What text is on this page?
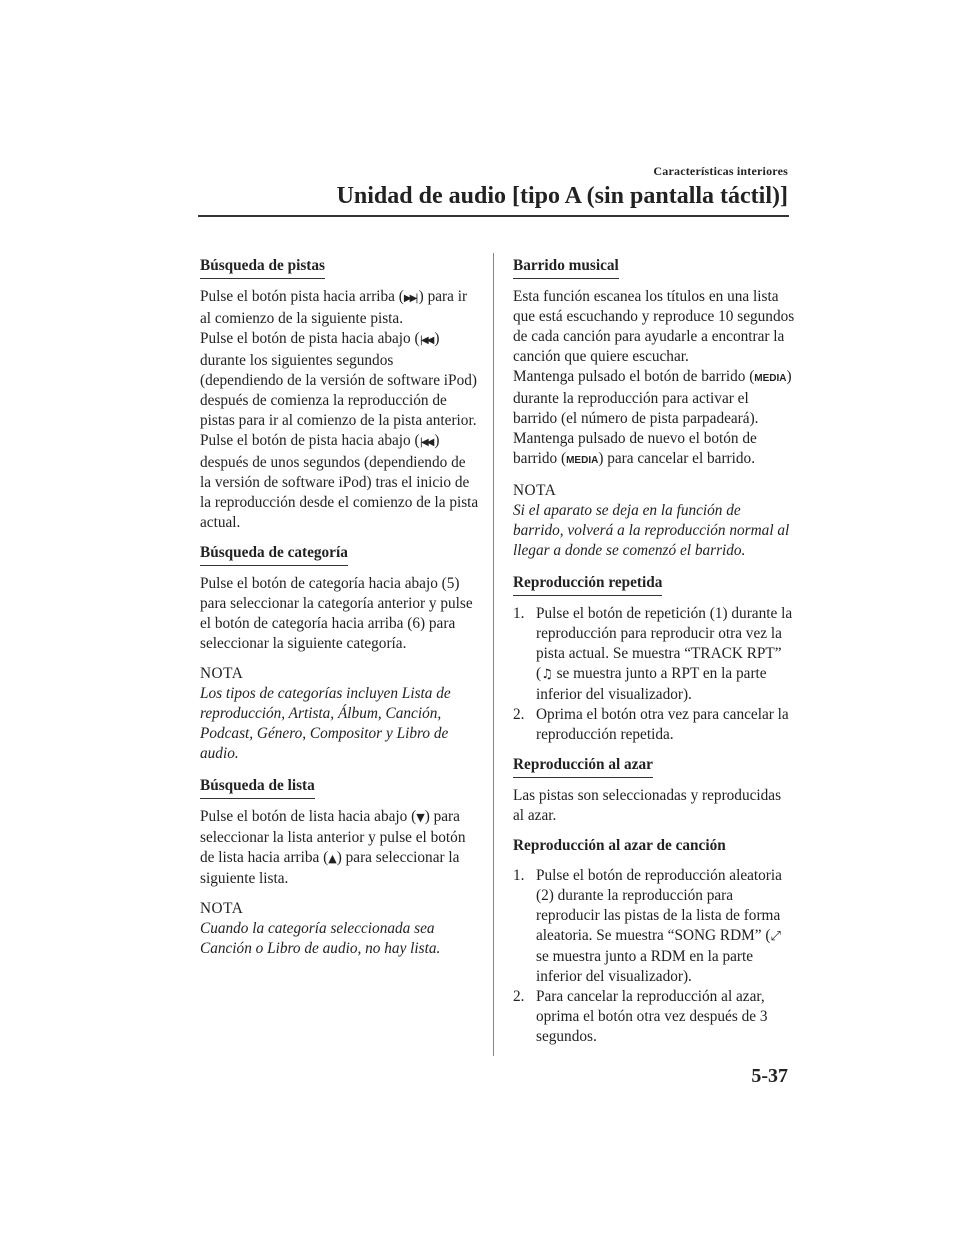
Características interiores
Unidad de audio [tipo A (sin pantalla táctil)]
Búsqueda de pistas

Pulse el botón pista hacia arriba (▶▶| ) para ir al comienzo de la siguiente pista.
Pulse el botón de pista hacia abajo (|◀◀ ) durante los siguientes segundos (dependiendo de la versión de software iPod) después de comienza la reproducción de pistas para ir al comienzo de la pista anterior.
Pulse el botón de pista hacia abajo (|◀◀ ) después de unos segundos (dependiendo de la versión de software iPod) tras el inicio de la reproducción desde el comienzo de la pista actual.

Búsqueda de categoría

Pulse el botón de categoría hacia abajo (5) para seleccionar la categoría anterior y pulse el botón de categoría hacia arriba (6) para seleccionar la siguiente categoría.

NOTA

Los tipos de categorías incluyen Lista de reproducción, Artista, Álbum, Canción, Podcast, Género, Compositor y Libro de audio.

Búsqueda de lista

Pulse el botón de lista hacia abajo (▼) para seleccionar la lista anterior y pulse el botón de lista hacia arriba (▲) para seleccionar la siguiente lista.

NOTA

Cuando la categoría seleccionada sea Canción o Libro de audio, no hay lista.

Barrido musical

Esta función escanea los títulos en una lista que está escuchando y reproduce 10 segundos de cada canción para ayudarle a encontrar la canción que quiere escuchar.
Mantenga pulsado el botón de barrido (MEDIA) durante la reproducción para activar el barrido (el número de pista parpadeará). Mantenga pulsado de nuevo el botón de barrido (MEDIA) para cancelar el barrido.

NOTA

Si el aparato se deja en la función de barrido, volverá a la reproducción normal al llegar a donde se comenzó el barrido.

Reproducción repetida

1. Pulse el botón de repetición (1) durante la reproducción para reproducir otra vez la pista actual. Se muestra “TRACK RPT” (♫ se muestra junto a RPT en la parte inferior del visualizador).

2. Oprima el botón otra vez para cancelar la reproducción repetida.

Reproducción al azar

Las pistas son seleccionadas y reproducidas al azar.

Reproducción al azar de canción

1. Pulse el botón de reproducción aleatoria (2) durante la reproducción para reproducir las pistas de la lista de forma aleatoria. Se muestra “SONG RDM” (⤢ se muestra junto a RDM en la parte inferior del visualizador).

2. Para cancelar la reproducción al azar, oprima el botón otra vez después de 3 segundos.

5-37
